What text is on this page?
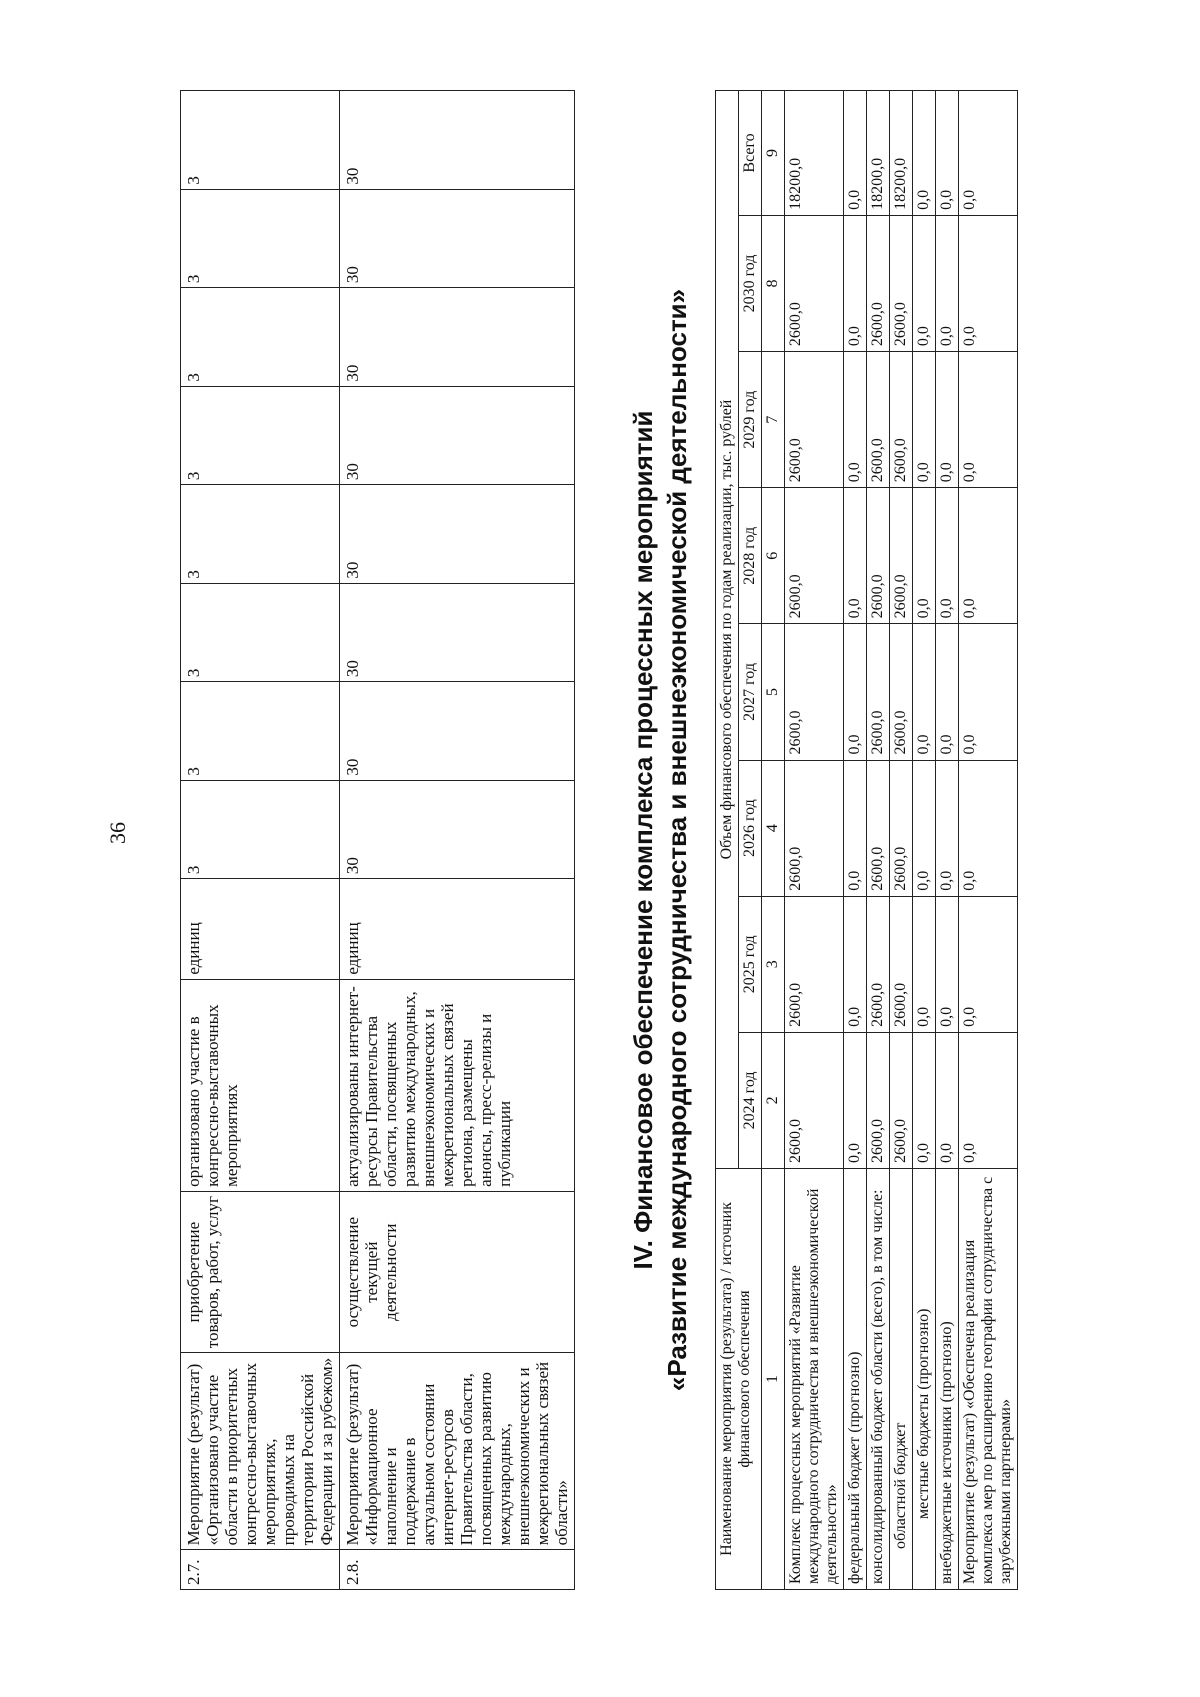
36
2.7.	Мероприятие (результат) «Организовано участие области в приоритетных конгрессно-выставочных мероприятиях, проводимых на территории Российской Федерации и за рубежом»	приобретение товаров, работ, услуг	организовано участие в конгрессно-выставочных мероприятиях	единиц	3	3	3	3	3	3	3	3
2.8.	Мероприятие (результат) «Информационное наполнение и поддержание в актуальном состоянии интернет-ресурсов Правительства области, посвященных развитию международных, внешнеэкономических и межрегиональных связей области»	осуществление текущей деятельности	актуализированы интернет-ресурсы Правительства области, посвященных развитию международных, внешнеэкономических и межрегиональных связей региона, размещены анонсы, пресс-релизы и публикации	единиц	30	30	30	30	30	30	30	30
IV. Финансовое обеспечение комплекса процессных мероприятий «Развитие международного сотрудничества и внешнеэкономической деятельности» Наименование мероприятия (результата) / источник финансового обеспечения	Объем финансового обеспечения по годам реализации, тыс. рублей							
	2024 год	2025 год	2026 год	2027 год	2028 год	2029 год	2030 год	Всего
1	2	3	4	5	6	7	8	9
Комплекс процессных мероприятий «Развитие международного сотрудничества и внешнеэкономической деятельности»	2600,0	2600,0	2600,0	2600,0	2600,0	2600,0	2600,0	18200,0
федеральный бюджет (прогнозно)	0,0	0,0	0,0	0,0	0,0	0,0	0,0	0,0
консолидированный бюджет области (всего), в том числе:	2600,0	2600,0	2600,0	2600,0	2600,0	2600,0	2600,0	18200,0
областной бюджет	2600,0	2600,0	2600,0	2600,0	2600,0	2600,0	2600,0	18200,0
местные бюджеты (прогнозно)	0,0	0,0	0,0	0,0	0,0	0,0	0,0	0,0
внебюджетные источники (прогнозно)	0,0	0,0	0,0	0,0	0,0	0,0	0,0	0,0
Мероприятие (результат) «Обеспечена реализация комплекса мер по расширению географии сотрудничества с зарубежными партнерами»	0,0	0,0	0,0	0,0	0,0	0,0	0,0	0,0
